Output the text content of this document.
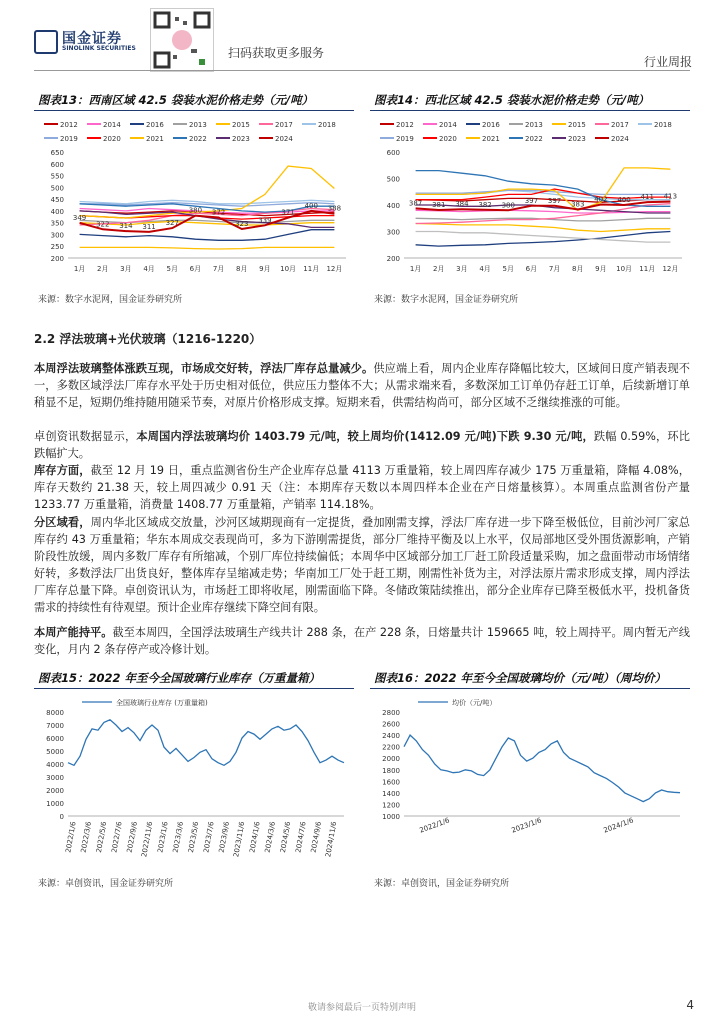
国金证券
SINOLINK SECURITIES	扫码获取更多服务
行业周报
图表13：西南区域 42.5 袋装水泥价格走势（元/吨）
2012	2014	2016	2013	2015	2017	2018
2019	2020	2021	2022	2023	2024
200
250
300
350
400
450
500
550
600
650
1月 2月 3月 4月 5月 6月 7月 8月 9月 10月 11月 12月
349
322 314 311 327
380 372
323 339
371
400 388
来源：数字水泥网，国金证券研究所
图表14：西北区域 42.5 袋装水泥价格走势（元/吨）
2012	2014	2016	2013	2015	2017	2018
2019	2020	2021	2022	2023	2024
200
300
400
500
600
1月 2月 3月 4月 5月 6月 7月 8月 9月 10月 11月 12月
387 381 384 382 380
397 397 383
402 400 411 413
来源：数字水泥网，国金证券研究所
2.2 浮法玻璃+光伏玻璃（1216-1220）
本周浮法玻璃整体涨跌互现，市场成交好转，浮法厂库存总量减少。供应端上看，周内企业库存降幅比较大，区域间日度产销表现不一，多数区域浮法厂库存水平处于历史相对低位，供应压力整体不大；从需求端来看，多数深加工订单仍存赶工订单，后续新增订单稍显不足，短期仍维持随用随采节奏，对原片价格形成支撑。短期来看，供需结构尚可，部分区域不乏继续推涨的可能。
卓创资讯数据显示，本周国内浮法玻璃均价 1403.79 元/吨，较上周均价(1412.09 元/吨)下跌 9.30 元/吨，跌幅 0.59%，环比跌幅扩大。
库存方面，截至 12 月 19 日，重点监测省份生产企业库存总量 4113 万重量箱，较上周四库存减少 175 万重量箱，降幅 4.08%，库存天数约 21.38 天，较上周四减少 0.91 天（注：本期库存天数以本周四样本企业在产日熔量核算）。本周重点监测省份产量 1233.77 万重量箱，消费量 1408.77 万重量箱，产销率 114.18%。
分区域看，周内华北区域成交放量，沙河区域期现商有一定提货，叠加刚需支撑，浮法厂库存进一步下降至极低位，目前沙河厂家总库存约 43 万重量箱；华东本周成交表现尚可，多为下游刚需提货，部分厂维持平衡及以上水平，仅局部地区受外围货源影响，产销阶段性放缓，周内多数厂库存有所缩减，个别厂库位持续偏低；本周华中区域部分加工厂赶工阶段适量采购，加之盘面带动市场情绪好转，多数浮法厂出货良好，整体库存呈缩减走势；华南加工厂处于赶工期，刚需性补货为主，对浮法原片需求形成支撑，周内浮法厂库存总量下降。卓创资讯认为，市场赶工即将收尾，刚需面临下降。冬储政策陆续推出，部分企业库存已降至极低水平，投机备货需求的持续性有待观望。预计企业库存继续下降空间有限。
本周产能持平。截至本周四，全国浮法玻璃生产线共计 288 条，在产 228 条，日熔量共计 159665 吨，较上周持平。周内暂无产线变化，月内 2 条存停产或冷修计划。
图表15：2022 年至今全国玻璃行业库存（万重量箱）
全国玻璃行业库存 (万重量箱)
0
1000
2000
3000
4000
5000
6000
7000
8000
2022/1/6 2022/3/6 2022/5/6 2022/7/6 2022/9/6 2022/11/6 2023/1/6 2023/3/6 2023/5/6 2023/7/6 2023/9/6 2023/11/6 2024/1/6 2024/3/6 2024/5/6 2024/7/6 2024/9/6 2024/11/6
来源：卓创资讯，国金证券研究所
图表16：2022 年至今全国玻璃均价（元/吨）（周均价）
均价（元/吨）
1000
1200
1400
1600
1800
2000
2200
2400
2600
2800
2022/1/6	2023/1/6	2024/1/6
来源：卓创资讯，国金证券研究所
敬请参阅最后一页特别声明	4
